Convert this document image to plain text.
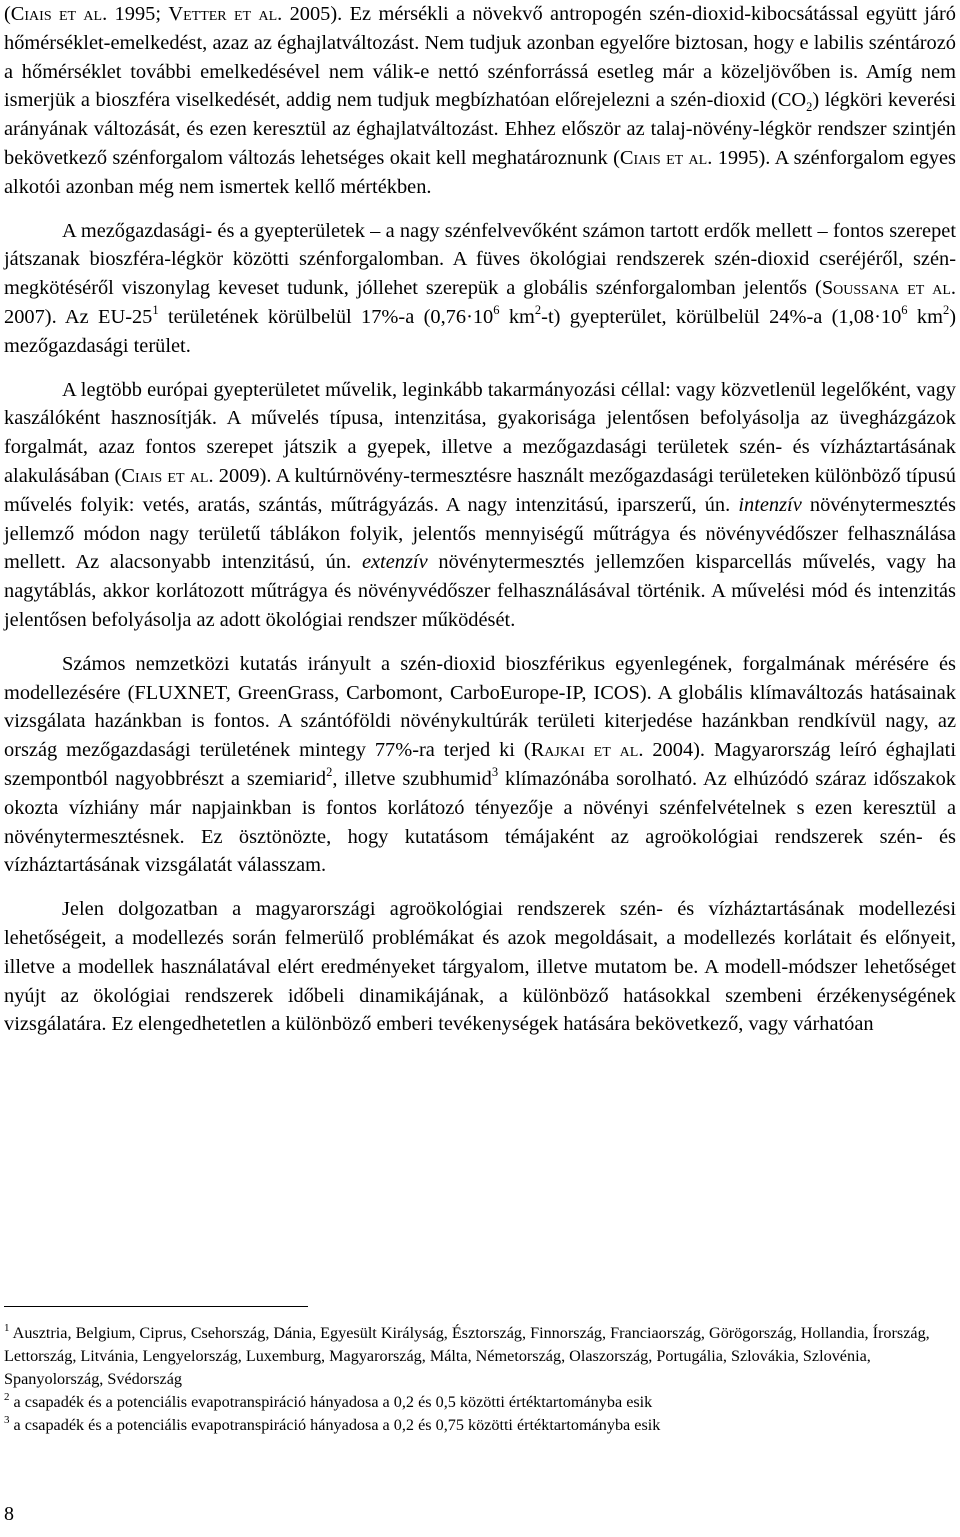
(Ciais et al. 1995; Vetter et al. 2005). Ez mérsékli a növekvő antropogén szén-dioxid-kibocsátással együtt járó hőmérséklet-emelkedést, azaz az éghajlatváltozást. Nem tudjuk azonban egyelőre biztosan, hogy e labilis széntározó a hőmérséklet további emelkedésével nem válik-e nettó szénforrássá esetleg már a közeljövőben is. Amíg nem ismerjük a bioszféra viselkedését, addig nem tudjuk megbízhatóan előrejelezni a szén-dioxid $(CO_2)$ légköri keverési arányának változását, és ezen keresztül az éghajlatváltozást. Ehhez először az talaj-növény-légkör rendszer szintjén bekövetkező szénforgalom változás lehetséges okait kell meghatároznunk (Ciais et al. 1995). A szénforgalom egyes alkotói azonban még nem ismertek kellő mértékben.

A mezőgazdasági- és a gyepterületek – a nagy szénfelvevőként számon tartott erdők mellett – fontos szerepet játszanak bioszféra-légkör közötti szénforgalomban. A füves ökológiai rendszerek szén-dioxid cseréjéről, szén-megkötéséről viszonylag keveset tudunk, jóllehet szerepük a globális szénforgalomban jelentős (Soussana et al. 2007). Az $EU-25^1$ területének körülbelül 17%-a ($0,76\cdot 10^6$ $km^2-t$) gyepterület, körülbelül 24%-a ($1,08\cdot 10^6$ $km^2$) mezőgazdasági terület.

A legtöbb európai gyepterületet művelik, leginkább takarmányozási céllal: vagy közvetlenül legelőként, vagy kaszálóként hasznosítják. A művelés típusa, intenzitása, gyakorisága jelentősen befolyásolja az üvegházgázok forgalmát, azaz fontos szerepet játszik a gyepek, illetve a mezőgazdasági területek szén- és vízháztartásának alakulásában (Ciais et al. 2009). A kultúrnövény-termesztésre használt mezőgazdasági területeken különböző típusú művelés folyik: vetés, aratás, szántás, műtrágyázás. A nagy intenzitású, iparszerű, ún. intenzív növénytermesztés jellemző módon nagy területű táblákon folyik, jelentős mennyiségű műtrágya és növényvédőszer felhasználása mellett. Az alacsonyabb intenzitású, ún. extenzív növénytermesztés jellemzően kisparcellás művelés, vagy ha nagytáblás, akkor korlátozott műtrágya és növényvédőszer felhasználásával történik. A művelési mód és intenzitás jelentősen befolyásolja az adott ökológiai rendszer működését.

Számos nemzetközi kutatás irányult a szén-dioxid bioszférikus egyenlegének, forgalmának mérésére és modellezésére (FLUXNET, GreenGrass, Carbomont, CarboEurope-IP, ICOS). A globális klímaváltozás hatásainak vizsgálata hazánkban is fontos. A szántóföldi növénykultúrák területi kiterjedése hazánkban rendkívül nagy, az ország mezőgazdasági területének mintegy 77%-ra terjed ki (Rajkai et al. 2004). Magyarország leíró éghajlati szempontból nagyobbrészt a szemiarid$^2$, illetve szubhumid$^3$ klímazónába sorolható. Az elhúzódó száraz időszakok okozta vízhiány már napjainkban is fontos korlátozó tényezője a növényi szénfelvételnek s ezen keresztül a növénytermesztésnek. Ez ösztönözte, hogy kutatásom témájaként az agroökológiai rendszerek szén- és vízháztartásának vizsgálatát válasszam.

Jelen dolgozatban a magyarországi agroökológiai rendszerek szén- és vízháztartásának modellezési lehetőségeit, a modellezés során felmerülő problémákat és azok megoldásait, a modellezés korlátait és előnyeit, illetve a modellek használatával elért eredményeket tárgyalom, illetve mutatom be. A modell-módszer lehetőséget nyújt az ökológiai rendszerek időbeli dinamikájának, a különböző hatásokkal szembeni érzékenységének vizsgálatára. Ez elengedhetetlen a különböző emberi tevékenységek hatására bekövetkező, vagy várhatóan

$^1$ Ausztria, Belgium, Ciprus, Csehország, Dánia, Egyesült Királyság, Észtország, Finnország, Franciaország, Görögország, Hollandia, Írország, Lettország, Litvánia, Lengyelország, Luxemburg, Magyarország, Málta, Németország, Olaszország, Portugália, Szlovákia, Szlovénia, Spanyolország, Svédország

$^2$ a csapadék és a potenciális evapotranspiráció hányadosa a 0,2 és 0,5 közötti értéktartományba esik

$^3$ a csapadék és a potenciális evapotranspiráció hányadosa a 0,2 és 0,75 közötti értéktartományba esik

8
